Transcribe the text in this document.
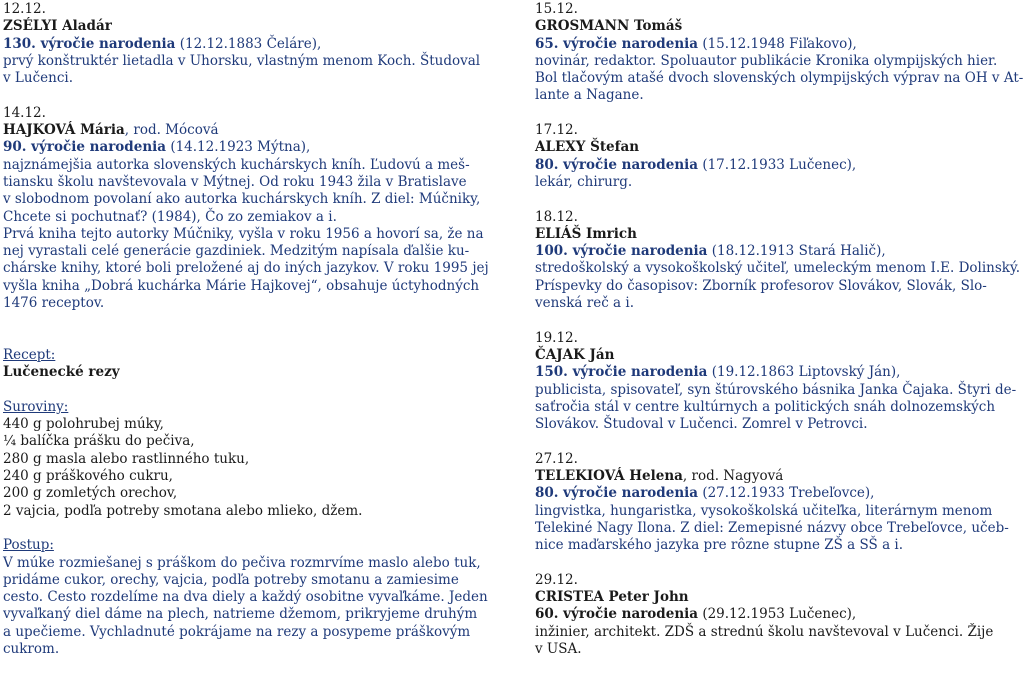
12.12.
ZSÉLYI Aladár
130. výročie narodenia (12.12.1883 Čeláre),
prvý konštruktér lietadla v Uhorsku, vlastným menom Koch. Študoval
v Lučenci.
14.12.
HAJKOVÁ Mária, rod. Mócová
90. výročie narodenia (14.12.1923 Mýtna),
najznámejšia autorka slovenských kuchárskych kníh. Ľudovú a meš-
tiansku školu navštevovala v Mýtnej. Od roku 1943 žila v Bratislave
v slobodnom povolaní ako autorka kuchárskych kníh. Z diel: Múčniky,
Chcete si pochutnať? (1984), Čo zo zemiakov a i.
Prvá kniha tejto autorky Múčniky, vyšla v roku 1956 a hovorí sa, že na
nej vyrastali celé generácie gazdiniek. Medzitým napísala ďalšie ku-
chárske knihy, ktoré boli preložené aj do iných jazykov. V roku 1995 jej
vyšla kniha „Dobrá kuchárka Márie Hajkovej“, obsahuje úctyhodných
1476 receptov.
Recept:
Lučenecké rezy
Suroviny:
440 g polohrubej múky,
¼ balíčka prášku do pečiva,
280 g masla alebo rastlinného tuku,
240 g práškového cukru,
200 g zomletých orechov,
2 vajcia, podľa potreby smotana alebo mlieko, džem.
Postup:
V múke rozmiešanej s práškom do pečiva rozmrvíme maslo alebo tuk,
pridáme cukor, orechy, vajcia, podľa potreby smotanu a zamiesime
cesto. Cesto rozdelíme na dva diely a každý osobitne vyvaľkáme. Jeden
vyvaľkaný diel dáme na plech, natrieme džemom, prikryjeme druhým
a upečieme. Vychladnuté pokrájame na rezy a posypeme práškovým
cukrom.
15.12.
GROSMANN Tomáš
65. výročie narodenia (15.12.1948 Fiľakovo),
novinár, redaktor. Spoluautor publikácie Kronika olympijských hier.
Bol tlačovým atašé dvoch slovenských olympijských výprav na OH v At-
lante a Nagane.
17.12.
ALEXY Štefan
80. výročie narodenia (17.12.1933 Lučenec),
lekár, chirurg.
18.12.
ELIÁŠ Imrich
100. výročie narodenia (18.12.1913 Stará Halič),
stredoškolský a vysokoškolský učiteľ, umeleckým menom I.E. Dolinský.
Príspevky do časopisov: Zborník profesorov Slovákov, Slovák, Slo-
venská reč a i.
19.12.
ČAJAK Ján
150. výročie narodenia (19.12.1863 Liptovský Ján),
publicista, spisovateľ, syn štúrovského básnika Janka Čajaka. Štyri de-
saťročia stál v centre kultúrnych a politických snáh dolnozemských
Slovákov. Študoval v Lučenci. Zomrel v Petrovci.
27.12.
TELEKIOVÁ Helena, rod. Nagyová
80. výročie narodenia (27.12.1933 Trebeľovce),
lingvistka, hungaristka, vysokoškolská učiteľka, literárnym menom
Telekiné Nagy Ilona. Z diel: Zemepisné názvy obce Trebeľovce, učeb-
nice maďarského jazyka pre rôzne stupne ZŠ a SŠ a i.
29.12.
CRISTEA Peter John
60. výročie narodenia (29.12.1953 Lučenec),
inžinier, architekt. ZDŠ a strednú školu navštevoval v Lučenci. Žije
v USA.
